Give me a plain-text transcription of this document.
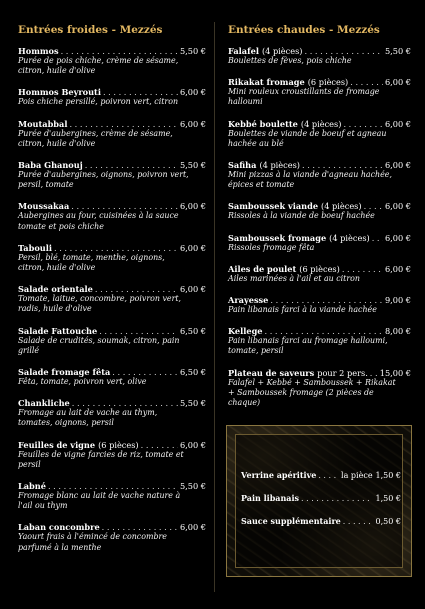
Entrées froides - Mezzés
Hommos . . .	5,50 €
Purée de pois chiche, crème de sésame,
citron, huile d'olive
Hommos Beyrouti . . .	6,00 €
Pois chiche persillé, poivron vert, citron
Moutabbal . . .	6,00 €
Purée d'aubergines, crème de sésame,
citron, huile d'olive
Baba Ghanouj . . .	5,50 €
Purée d'aubergines, oignons, poivron vert,
persil, tomate
Moussakaa . . .	6,00 €
Aubergines au four, cuisinées à la sauce
tomate et pois chiche
Tabouli . . .	6,00 €
Persil, blé, tomate, menthe, oignons,
citron, huile d'olive
Salade orientale . . .	6,00 €
Tomate, laitue, concombre, poivron vert,
radis, huile d'olive
Salade Fattouche . . .	6,50 €
Salade de crudités, soumak, citron, pain
grillé
Salade fromage fêta . . .	6,50 €
Fêta, tomate, poivron vert, olive
Chankliche . . .	5,50 €
Fromage au lait de vache au thym,
tomates, oignons, persil
Feuilles de vigne (6 pièces) . . .	6,00 €
Feuilles de vigne farcies de riz, tomate et
persil
Labné . . .	5,50 €
Fromage blanc au lait de vache nature à
l'ail ou thym
Laban concombre . . .	6,00 €
Yaourt frais à l'émincé de concombre
parfumé à la menthe
Entrées chaudes - Mezzés
Falafel (4 pièces) . . .	5,50 €
Boulettes de fèves, pois chiche
Rikakat fromage (6 pièces) . . .	6,00 €
Mini rouleux croustillants de fromage
halloumi
Kebbé boulette (4 pièces) . . .	6,00 €
Boulettes de viande de boeuf et agneau
hachée au blé
Safiha (4 pièces) . . .	6,00 €
Mini pizzas à la viande d'agneau hachée,
épices et tomate
Samboussek viande (4 pièces) . . .	6,00 €
Rissoles à la viande de boeuf hachée
Samboussek fromage (4 pièces) . . . 6,00 €
Rissoles fromage fêta
Ailes de poulet (6 pièces) . . .	6,00 €
Ailes marinées à l'ail et au citron
Arayesse . . .	9,00 €
Pain libanais farci à la viande hachée
Kellege . . .	8,00 €
Pain libanais farci au fromage halloumi,
tomate, persil
Plateau de saveurs pour 2 pers. . . . 15,00 €
Falafel + Kebbé + Samboussek + Rikakat
+ Samboussek fromage (2 pièces de
chaque)
Verrine apéritive . . .	la pièce 1,50 €
Pain libanais . . .	1,50 €
Sauce supplémentaire . . .	0,50 €
